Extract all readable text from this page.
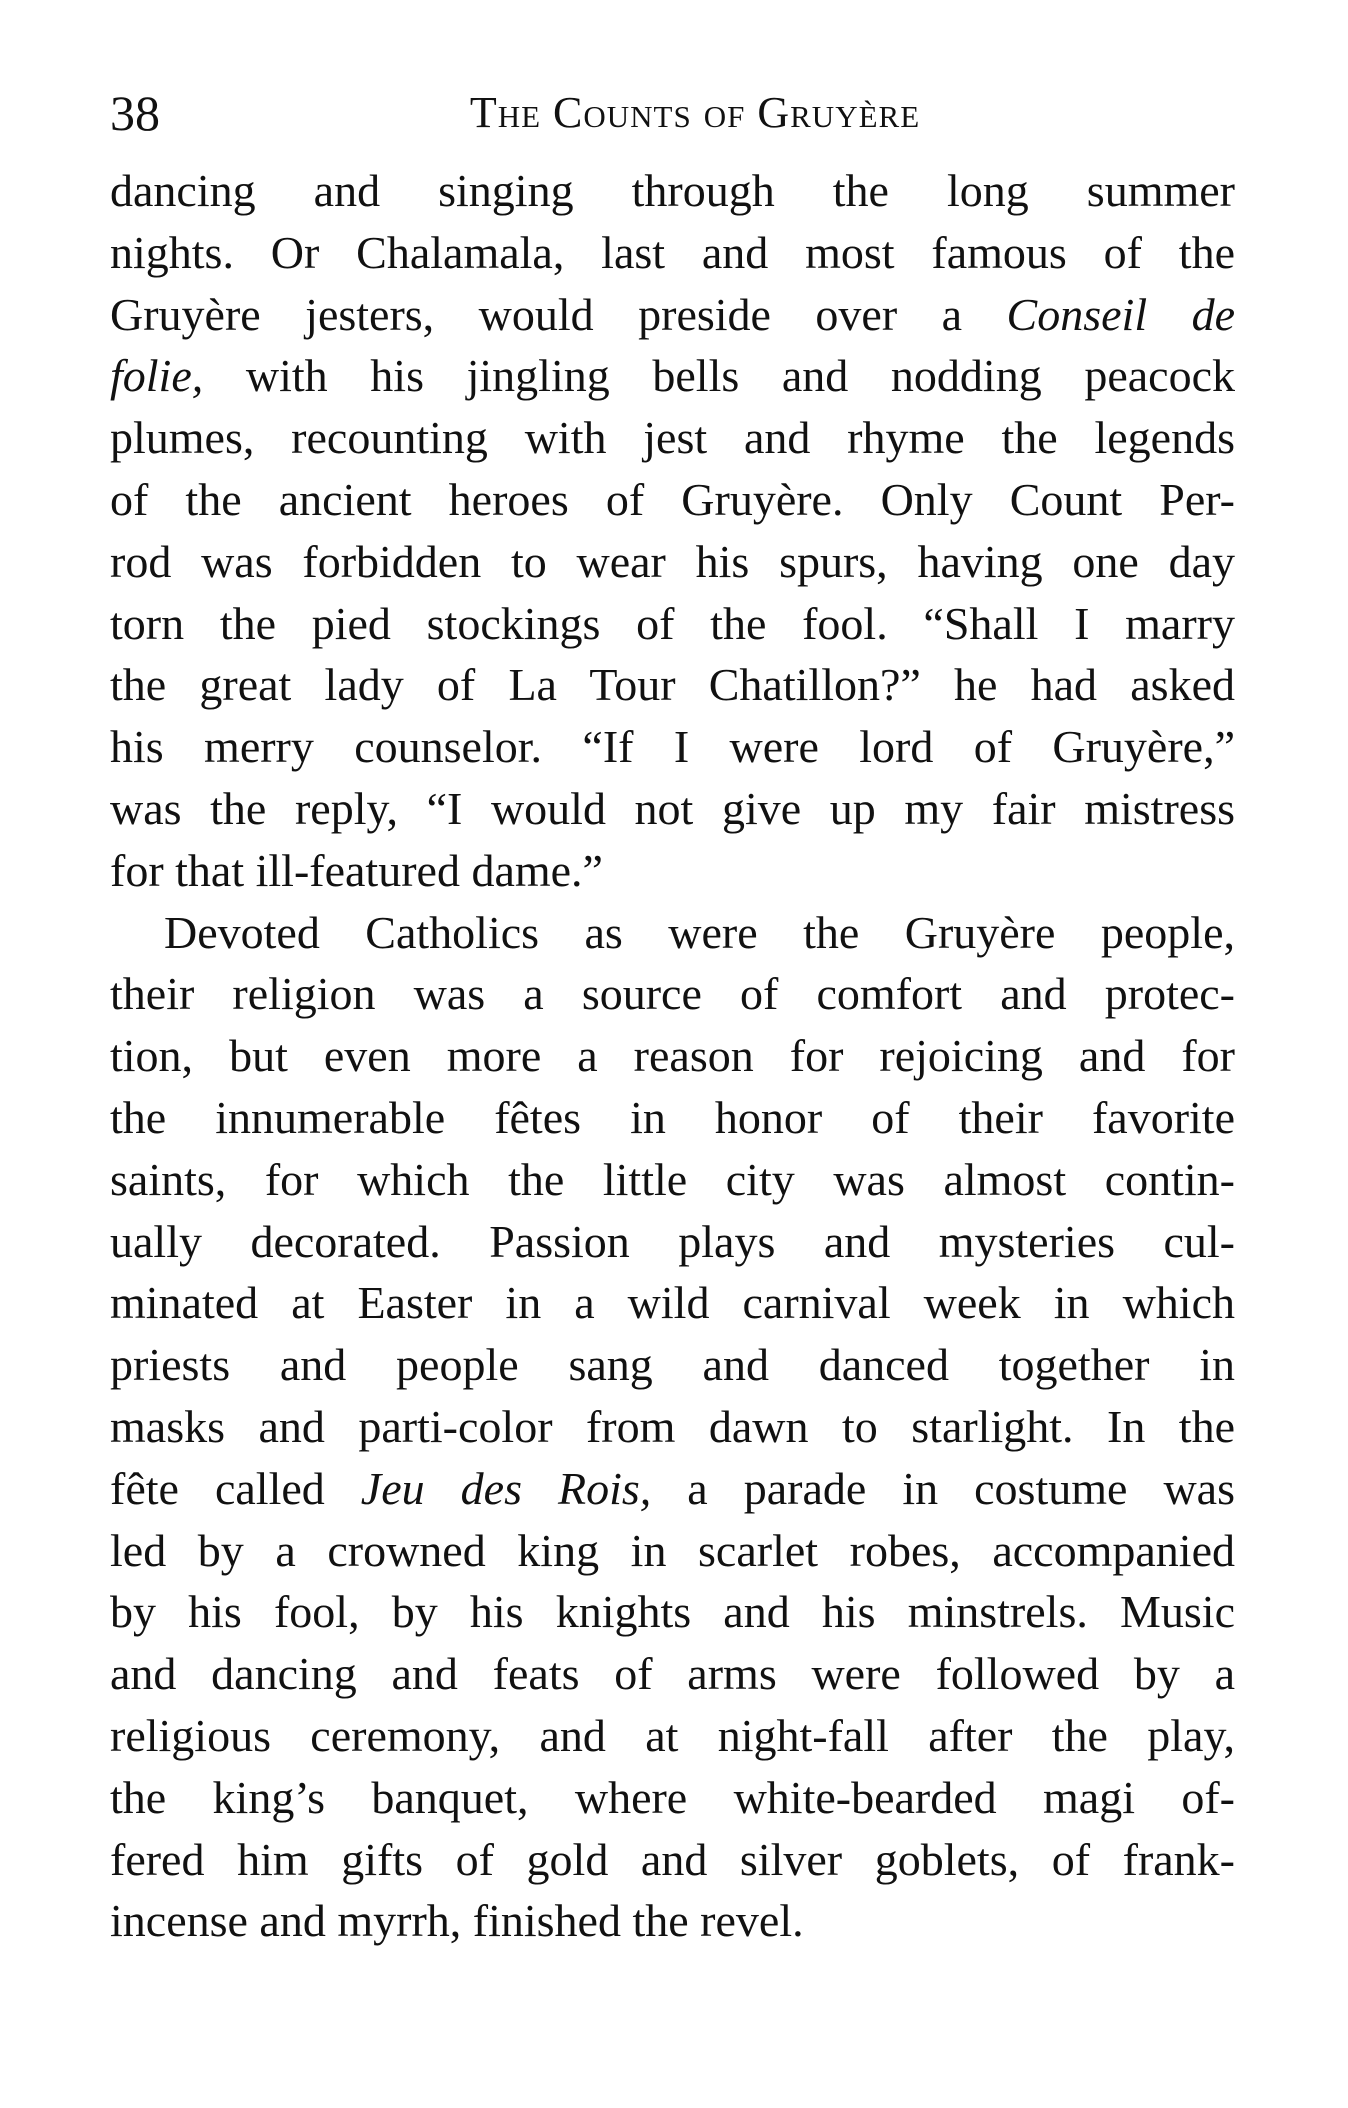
38	The Counts of Gruyère
dancing and singing through the long summer
nights. Or Chalamala, last and most famous of the
Gruyère jesters, would preside over a Conseil de
folie, with his jingling bells and nodding peacock
plumes, recounting with jest and rhyme the legends
of the ancient heroes of Gruyère. Only Count Per-
rod was forbidden to wear his spurs, having one day
torn the pied stockings of the fool. “Shall I marry
the great lady of La Tour Chatillon?” he had asked
his merry counselor. “If I were lord of Gruyère,”
was the reply, “I would not give up my fair mistress
for that ill-featured dame.”
Devoted Catholics as were the Gruyère people,
their religion was a source of comfort and protec-
tion, but even more a reason for rejoicing and for
the innumerable fêtes in honor of their favorite
saints, for which the little city was almost contin-
ually decorated. Passion plays and mysteries cul-
minated at Easter in a wild carnival week in which
priests and people sang and danced together in
masks and parti-color from dawn to starlight. In the
fête called Jeu des Rois, a parade in costume was
led by a crowned king in scarlet robes, accompanied
by his fool, by his knights and his minstrels. Music
and dancing and feats of arms were followed by a
religious ceremony, and at night-fall after the play,
the king’s banquet, where white-bearded magi of-
fered him gifts of gold and silver goblets, of frank-
incense and myrrh, finished the revel.
